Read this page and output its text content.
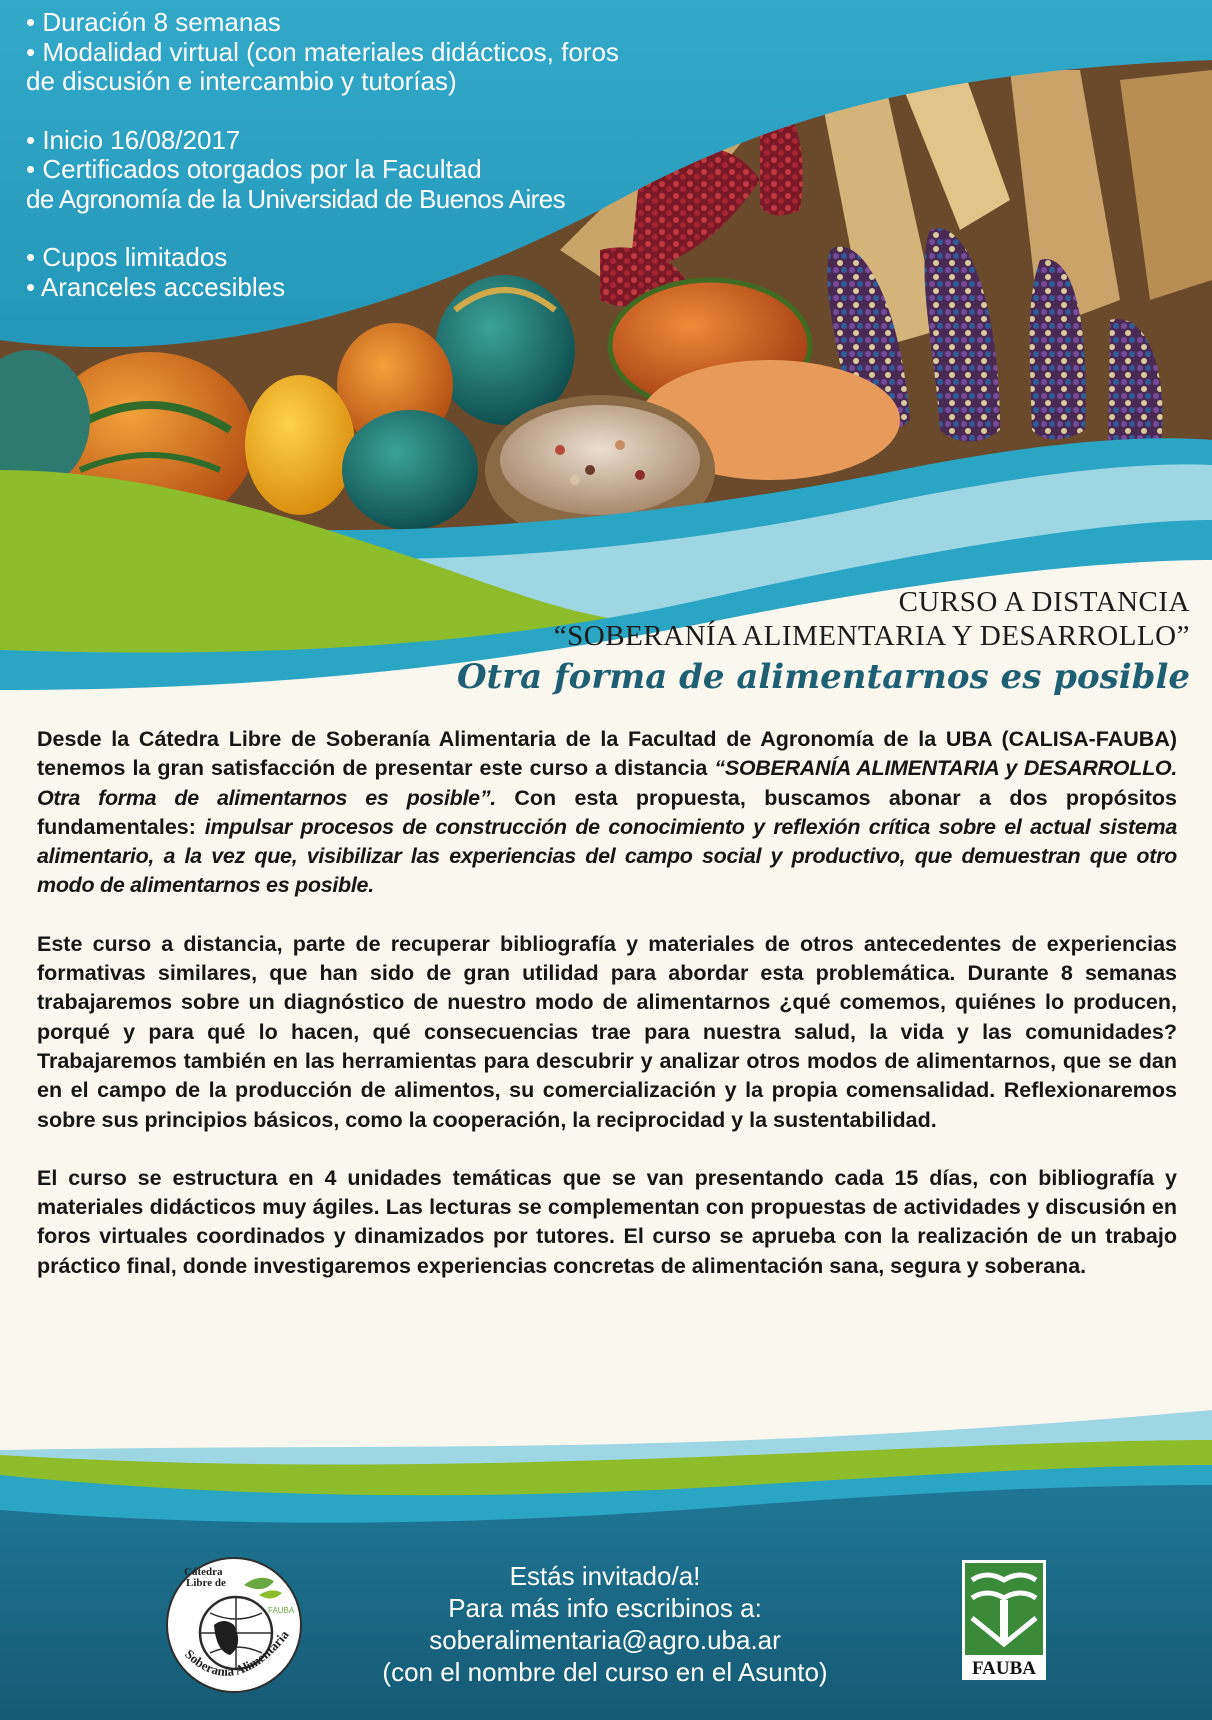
• Duración 8 semanas
• Modalidad virtual (con materiales didácticos, foros
de discusión e intercambio y tutorías)
• Inicio 16/08/2017
• Certificados otorgados por la Facultad
de Agronomía de la Universidad de Buenos Aires
• Cupos limitados
• Aranceles accesibles
CURSO A DISTANCIA
“SOBERANÍA ALIMENTARIA Y DESARROLLO”
Otra forma de alimentarnos es posible

Desde la Cátedra Libre de Soberanía Alimentaria de la Facultad de Agronomía de la UBA (CALISA-FAUBA) tenemos la gran satisfacción de presentar este curso a distancia “SOBERANÍA ALIMENTARIA y DESARROLLO. Otra forma de alimentarnos es posible”. Con esta propuesta, buscamos abonar a dos propósitos fundamentales: impulsar procesos de construcción de conocimiento y reflexión crítica sobre el actual sistema alimentario, a la vez que, visibilizar las experiencias del campo social y productivo, que demuestran que otro modo de alimentarnos es posible.

Este curso a distancia, parte de recuperar bibliografía y materiales de otros antecedentes de experiencias formativas similares, que han sido de gran utilidad para abordar esta problemática. Durante 8 semanas trabajaremos sobre un diagnóstico de nuestro modo de alimentarnos ¿qué comemos, quiénes lo producen, porqué y para qué lo hacen, qué consecuencias trae para nuestra salud, la vida y las comunidades? Trabajaremos también en las herramientas para descubrir y analizar otros modos de alimentarnos, que se dan en el campo de la producción de alimentos, su comercialización y la propia comensalidad. Reflexionaremos sobre sus principios básicos, como la cooperación, la reciprocidad y la sustentabilidad.

El curso se estructura en 4 unidades temáticas que se van presentando cada 15 días, con bibliografía y materiales didácticos muy ágiles. Las lecturas se complementan con propuestas de actividades y discusión en foros virtuales coordinados y dinamizados por tutores. El curso se aprueba con la realización de un trabajo práctico final, donde investigaremos experiencias concretas de alimentación sana, segura y soberana.

Cátedra
Libre de
FAUBA
Soberanía Alimentaria
FAUBA
Estás invitado/a!
Para más info escribinos a:
soberalimentaria@agro.uba.ar
(con el nombre del curso en el Asunto)
